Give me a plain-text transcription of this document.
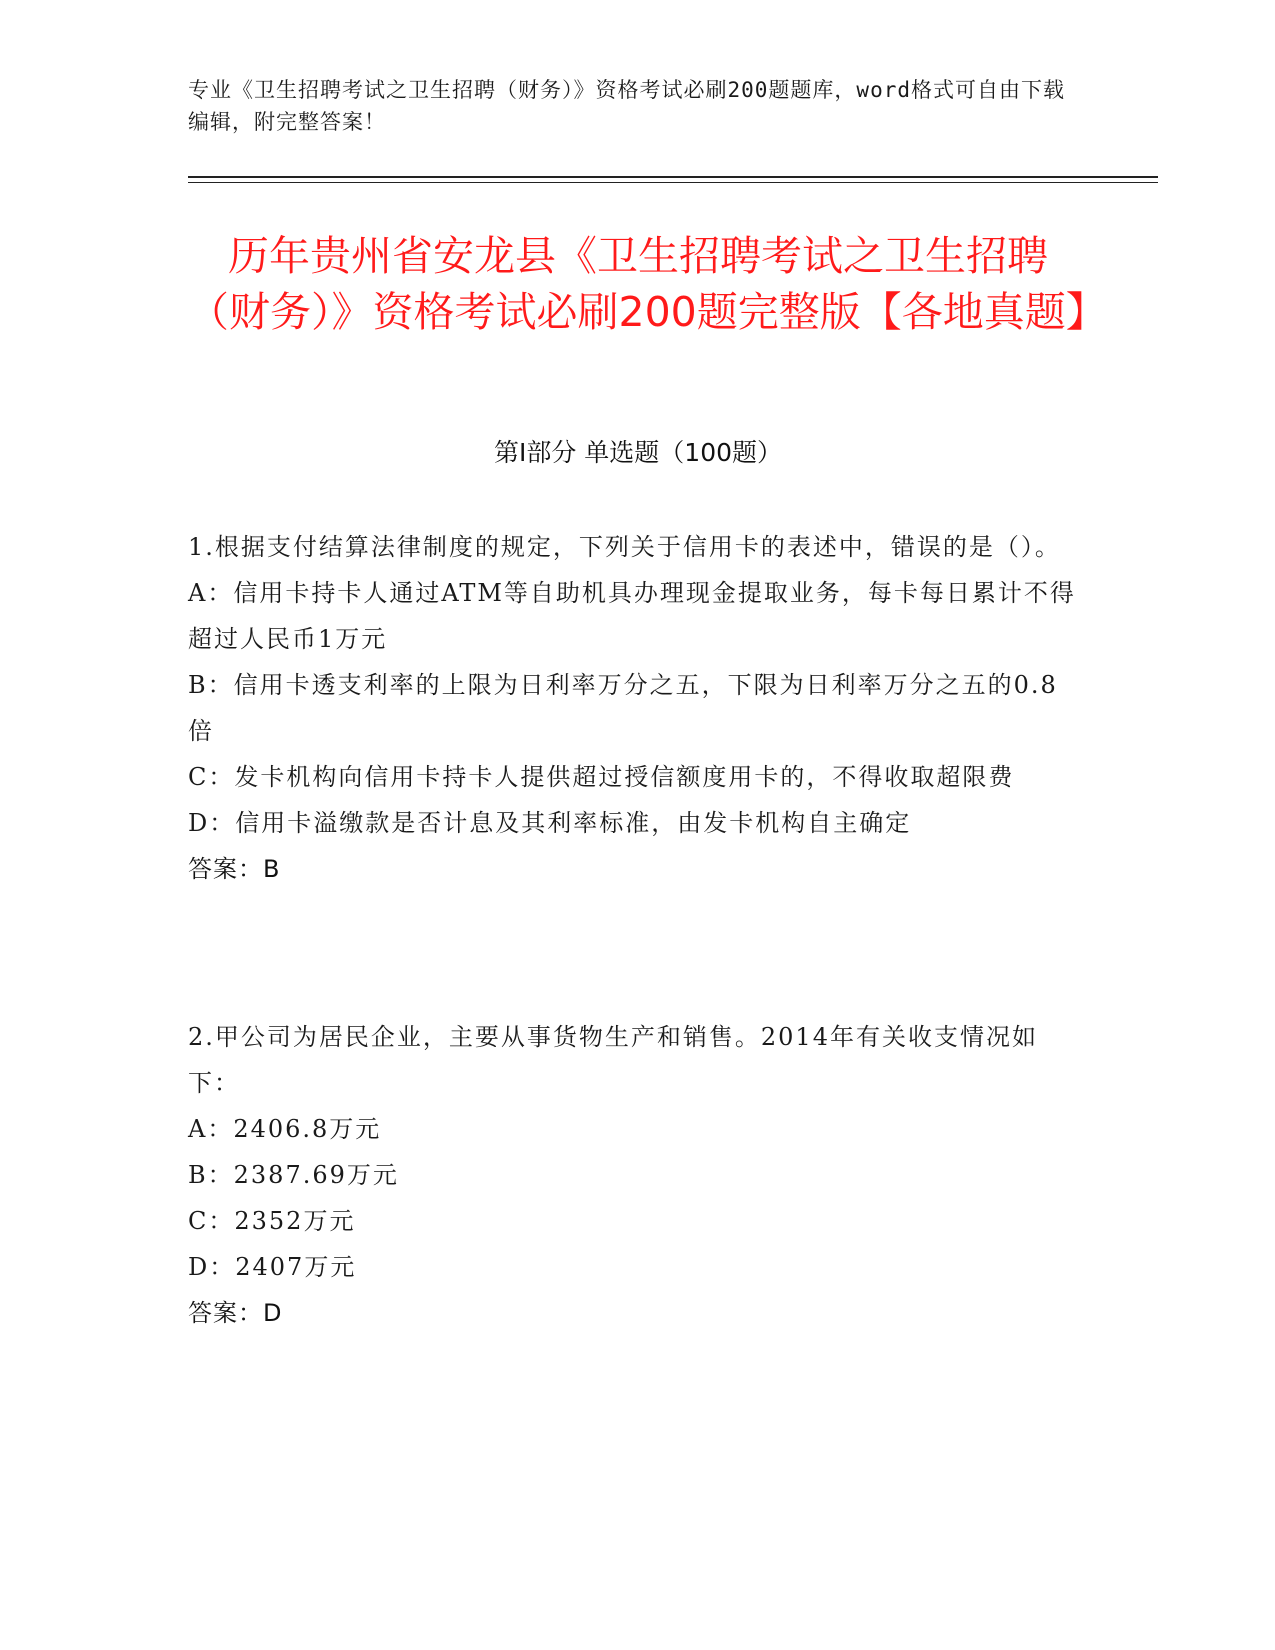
专业《卫生招聘考试之卫生招聘（财务）》资格考试必刷200题题库，word格式可自由下载编辑，附完整答案！
历年贵州省安龙县《卫生招聘考试之卫生招聘（财务）》资格考试必刷200题完整版【各地真题】
第I部分 单选题（100题）

1.根据支付结算法律制度的规定，下列关于信用卡的表述中，错误的是（）。

A：信用卡持卡人通过ATM等自助机具办理现金提取业务，每卡每日累计不得超过人民币1万元

B：信用卡透支利率的上限为日利率万分之五，下限为日利率万分之五的0.8倍

C：发卡机构向信用卡持卡人提供超过授信额度用卡的，不得收取超限费

D：信用卡溢缴款是否计息及其利率标准，由发卡机构自主确定

答案：B

2.甲公司为居民企业，主要从事货物生产和销售。2014年有关收支情况如下：

A：2406.8万元

B：2387.69万元

C：2352万元

D：2407万元

答案：D
